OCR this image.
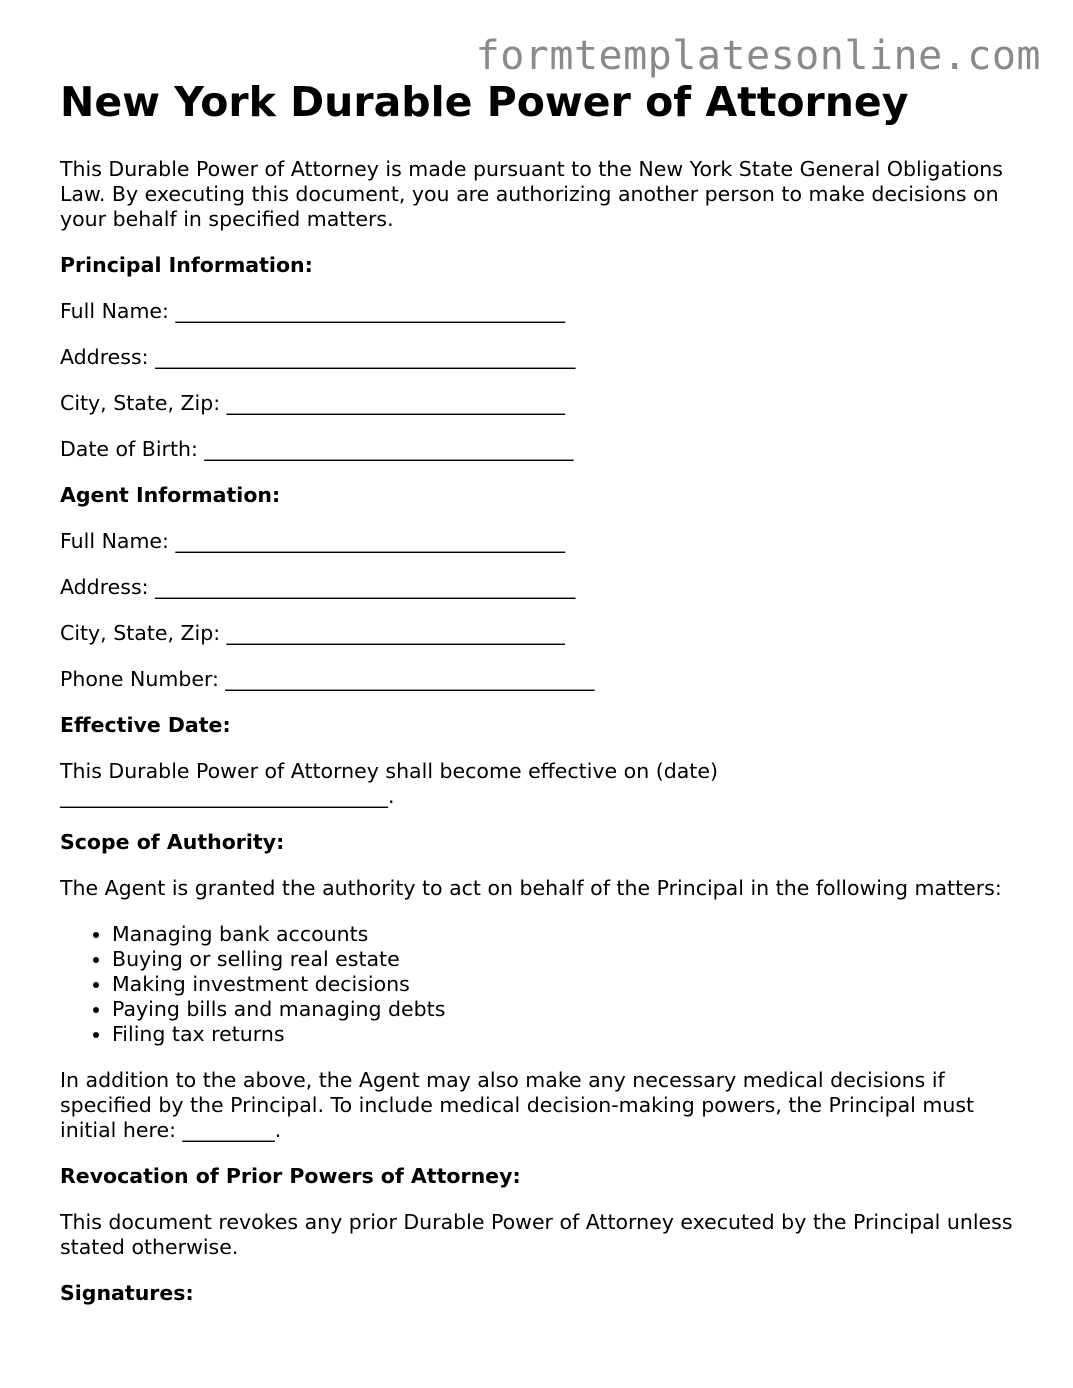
formtemplatesonline.com
New York Durable Power of Attorney

This Durable Power of Attorney is made pursuant to the New York State General Obligations Law. By executing this document, you are authorizing another person to make decisions on your behalf in specified matters.

Principal Information:

Full Name: ______________________________________

Address: _________________________________________

City, State, Zip: _________________________________

Date of Birth: ____________________________________

Agent Information:

Full Name: ______________________________________

Address: _________________________________________

City, State, Zip: _________________________________

Phone Number: ____________________________________

Effective Date:

This Durable Power of Attorney shall become effective on (date) ________________________________.

Scope of Authority:

The Agent is granted the authority to act on behalf of the Principal in the following matters:

• Managing bank accounts
• Buying or selling real estate
• Making investment decisions
• Paying bills and managing debts
• Filing tax returns

In addition to the above, the Agent may also make any necessary medical decisions if specified by the Principal. To include medical decision-making powers, the Principal must initial here: _________.

Revocation of Prior Powers of Attorney:

This document revokes any prior Durable Power of Attorney executed by the Principal unless stated otherwise.

Signatures:
